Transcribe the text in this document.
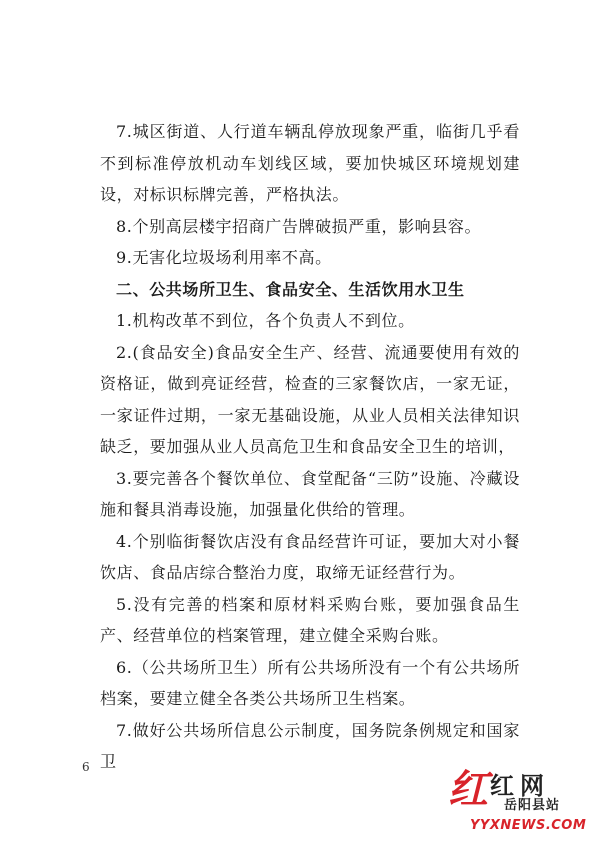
7.城区街道、人行道车辆乱停放现象严重，临街几乎看不到标准停放机动车划线区域，要加快城区环境规划建设，对标识标牌完善，严格执法。

8.个别高层楼宇招商广告牌破损严重，影响县容。

9.无害化垃圾场利用率不高。

二、公共场所卫生、食品安全、生活饮用水卫生

1.机构改革不到位，各个负责人不到位。

2.(食品安全)食品安全生产、经营、流通要使用有效的资格证，做到亮证经营，检查的三家餐饮店，一家无证，一家证件过期，一家无基础设施，从业人员相关法律知识缺乏，要加强从业人员高危卫生和食品安全卫生的培训，

3.要完善各个餐饮单位、食堂配备“三防”设施、冷藏设施和餐具消毒设施，加强量化供给的管理。

4.个别临街餐饮店没有食品经营许可证，要加大对小餐饮店、食品店综合整治力度，取缔无证经营行为。

5.没有完善的档案和原材料采购台账，要加强食品生产、经营单位的档案管理，建立健全采购台账。

6.（公共场所卫生）所有公共场所没有一个有公共场所档案，要建立健全各类公共场所卫生档案。

7.做好公共场所信息公示制度，国务院条例规定和国家卫

6	红 红网
岳阳县站
YYXNEWS.COM
